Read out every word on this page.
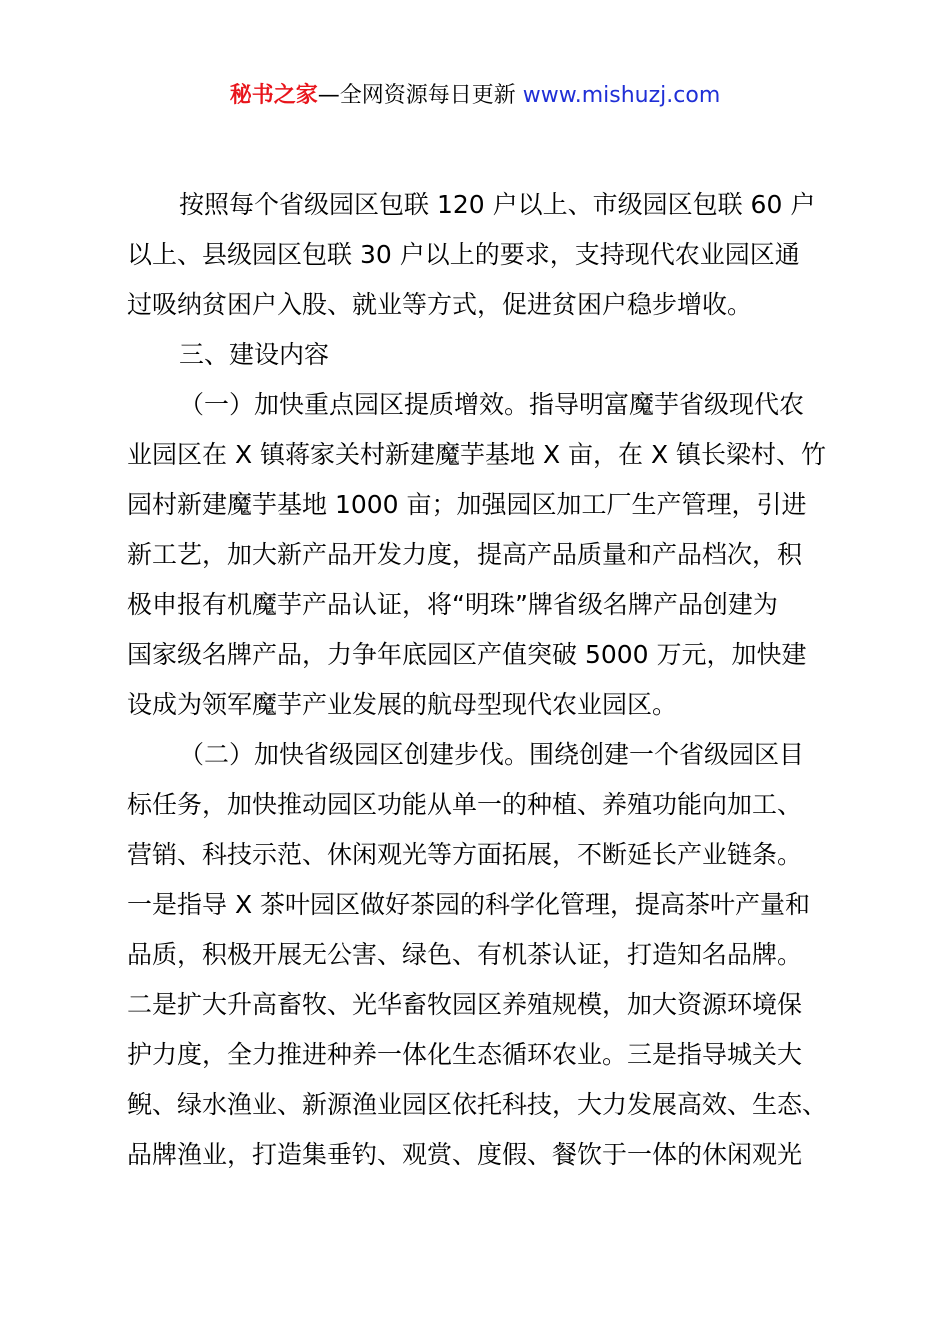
秘书之家—全网资源每日更新 www.mishuzj.com
按照每个省级园区包联 120 户以上、市级园区包联 60 户
以上、县级园区包联 30 户以上的要求，支持现代农业园区通
过吸纳贫困户入股、就业等方式，促进贫困户稳步增收。
三、建设内容
（一）加快重点园区提质增效。指导明富魔芋省级现代农
业园区在 X 镇蒋家关村新建魔芋基地 X 亩，在 X 镇长梁村、竹
园村新建魔芋基地 1000 亩；加强园区加工厂生产管理，引进
新工艺，加大新产品开发力度，提高产品质量和产品档次，积
极申报有机魔芋产品认证，将“明珠”牌省级名牌产品创建为
国家级名牌产品，力争年底园区产值突破 5000 万元，加快建
设成为领军魔芋产业发展的航母型现代农业园区。
（二）加快省级园区创建步伐。围绕创建一个省级园区目
标任务，加快推动园区功能从单一的种植、养殖功能向加工、
营销、科技示范、休闲观光等方面拓展，不断延长产业链条。
一是指导 X 茶叶园区做好茶园的科学化管理，提高茶叶产量和
品质，积极开展无公害、绿色、有机茶认证，打造知名品牌。
二是扩大升高畜牧、光华畜牧园区养殖规模，加大资源环境保
护力度，全力推进种养一体化生态循环农业。三是指导城关大
鲵、绿水渔业、新源渔业园区依托科技，大力发展高效、生态、
品牌渔业，打造集垂钓、观赏、度假、餐饮于一体的休闲观光
